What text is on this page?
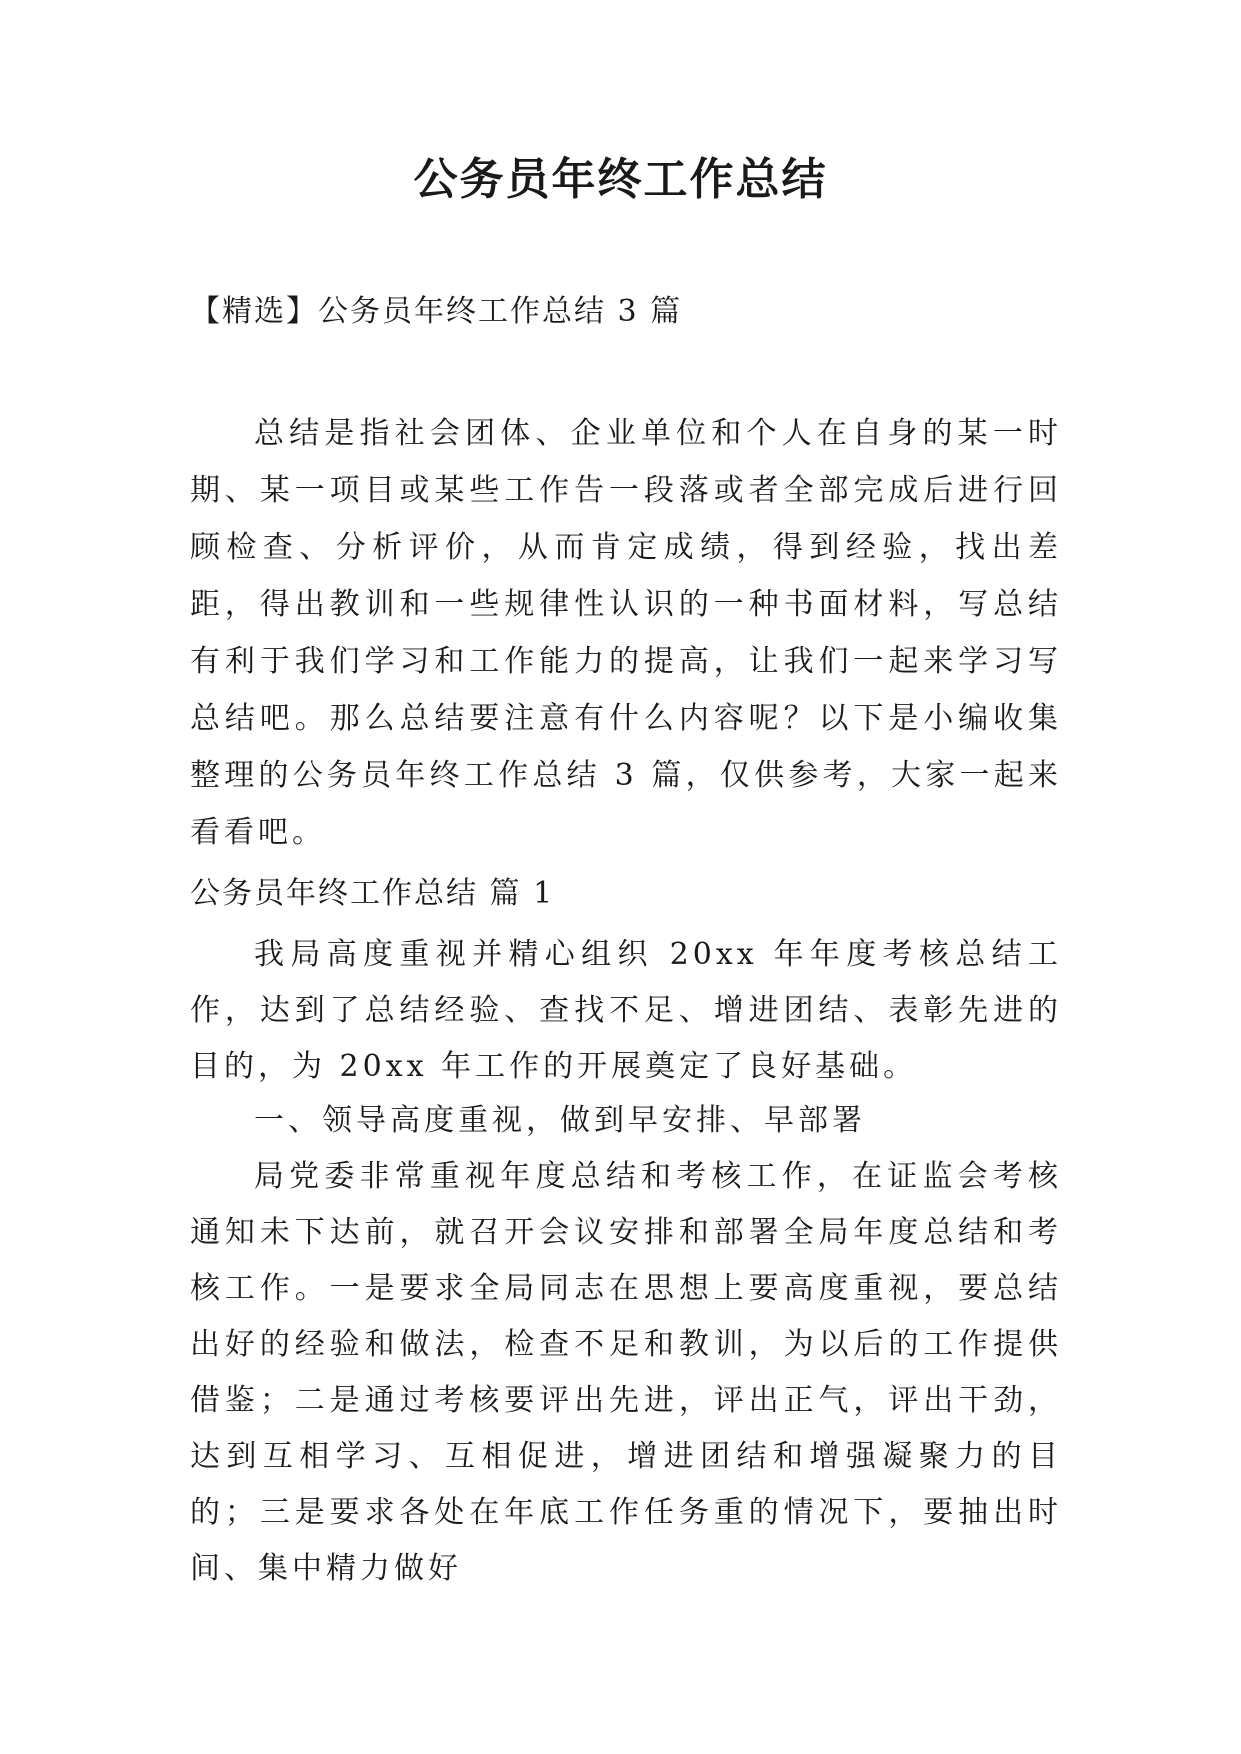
公务员年终工作总结
【精选】公务员年终工作总结 3 篇
总结是指社会团体、企业单位和个人在自身的某一时期、某一项目或某些工作告一段落或者全部完成后进行回顾检查、分析评价，从而肯定成绩，得到经验，找出差距，得出教训和一些规律性认识的一种书面材料，写总结有利于我们学习和工作能力的提高，让我们一起来学习写总结吧。那么总结要注意有什么内容呢？以下是小编收集整理的公务员年终工作总结 3 篇，仅供参考，大家一起来看看吧。
公务员年终工作总结 篇 1
我局高度重视并精心组织 20xx 年年度考核总结工作，达到了总结经验、查找不足、增进团结、表彰先进的目的，为 20xx 年工作的开展奠定了良好基础。
一、领导高度重视，做到早安排、早部署
局党委非常重视年度总结和考核工作，在证监会考核通知未下达前，就召开会议安排和部署全局年度总结和考核工作。一是要求全局同志在思想上要高度重视，要总结出好的经验和做法，检查不足和教训，为以后的工作提供借鉴；二是通过考核要评出先进，评出正气，评出干劲，达到互相学习、互相促进，增进团结和增强凝聚力的目的；三是要求各处在年底工作任务重的情况下，要抽出时间、集中精力做好
